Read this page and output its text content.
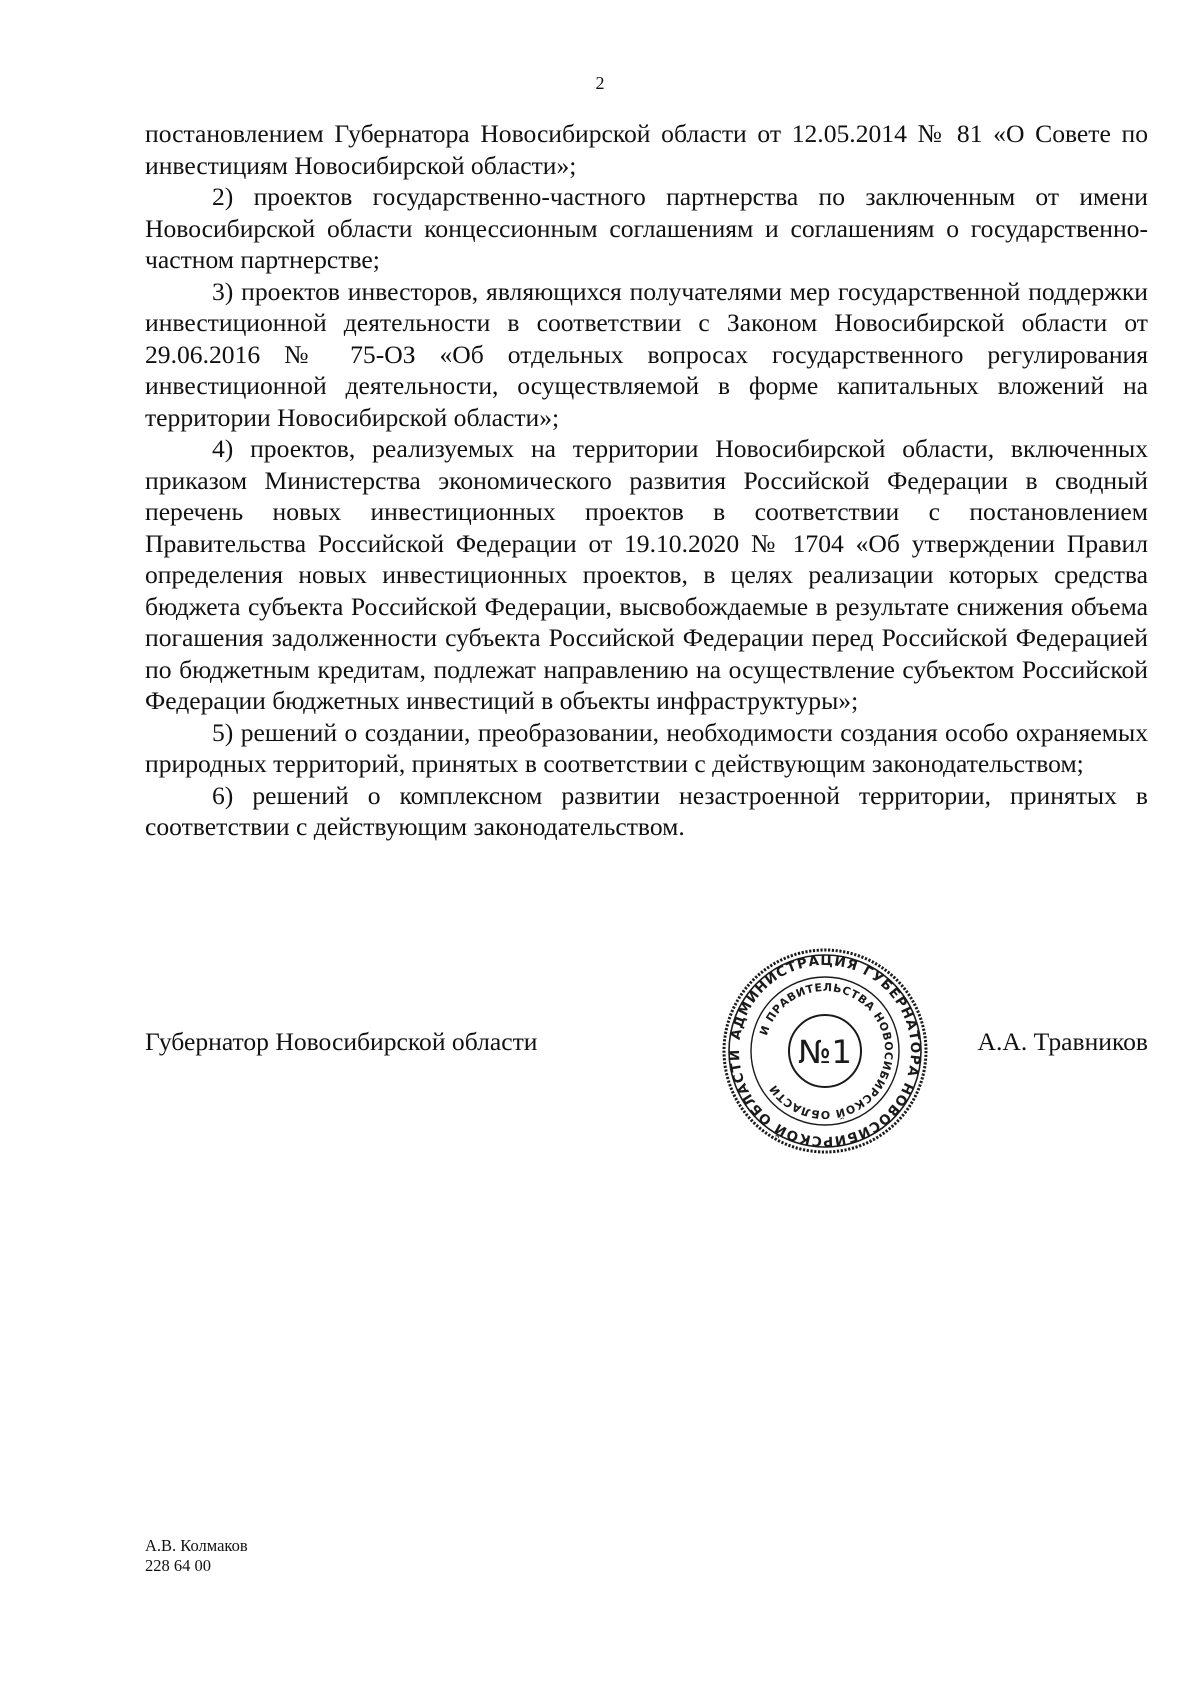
2

постановлением Губернатора Новосибирской области от 12.05.2014 № 81 «О Совете по инвестициям Новосибирской области»;

2) проектов государственно-частного партнерства по заключенным от имени Новосибирской области концессионным соглашениям и соглашениям о государственно-частном партнерстве;

3) проектов инвесторов, являющихся получателями мер государственной поддержки инвестиционной деятельности в соответствии с Законом Новосибирской области от 29.06.2016 № 75-ОЗ «Об отдельных вопросах государственного регулирования инвестиционной деятельности, осуществляемой в форме капитальных вложений на территории Новосибирской области»;

4) проектов, реализуемых на территории Новосибирской области, включенных приказом Министерства экономического развития Российской Федерации в сводный перечень новых инвестиционных проектов в соответствии с постановлением Правительства Российской Федерации от 19.10.2020 № 1704 «Об утверждении Правил определения новых инвестиционных проектов, в целях реализации которых средства бюджета субъекта Российской Федерации, высвобождаемые в результате снижения объема погашения задолженности субъекта Российской Федерации перед Российской Федерацией по бюджетным кредитам, подлежат направлению на осуществление субъектом Российской Федерации бюджетных инвестиций в объекты инфраструктуры»;

5) решений о создании, преобразовании, необходимости создания особо охраняемых природных территорий, принятых в соответствии с действующим законодательством;

6) решений о комплексном развитии незастроенной территории, принятых в соответствии с действующим законодательством.

Губернатор Новосибирской области	АДМИНИСТРАЦИЯ ГУБЕРНАТОРА НОВОСИБИРСКОЙ ОБЛАСТИ
И ПРАВИТЕЛЬСТВА НОВОСИБИРСКОЙ ОБЛАСТИ
№1	А.А. Травников
А.В. Колмаков
228 64 00
